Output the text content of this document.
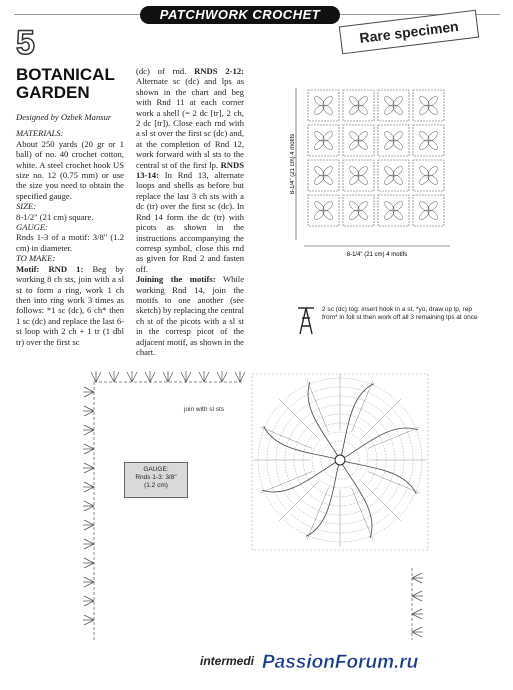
PATCHWORK CROCHET
5	Rare specimen
BOTANICAL GARDEN
Designed by Ozbek Mansur
MATERIALS:
About 250 yards (20 gr or 1 ball) of no. 40 crochet cotton, white. A steel crochet hook US size no. 12 (0.75 mm) or use the size you need to obtain the specified gauge.
SIZE:
8-1/2" (21 cm) square.
GAUGE:
Rnds 1-3 of a motif: 3/8" (1.2 cm) in diameter.
TO MAKE:
Motif: RND 1: Beg by working 8 ch sts, join with a sl st to form a ring, work 1 ch then into ring work 3 times as follows: *1 sc (dc), 6 ch* then 1 sc (dc) and replace the last 6-st loop with 2 ch + 1 tr (1 dbl tr) over the first sc
(dc) of rnd. RNDS 2-12: Alternate sc (dc) and lps as shown in the chart and beg with Rnd 11 at each corner work a shell (= 2 dc [tr], 2 ch, 2 dc [tr]). Close each rnd with a sl st over the first sc (dc) and, at the completion of Rnd 12, work forward with sl sts to the central st of the first lp. RNDS 13-14: In Rnd 13, alternate loops and shells as before but replace the last 3 ch sts with a dc (tr) over the first sc (dc). In Rnd 14 form the dc (tr) with picots as shown in the instructions accompanying the corresp symbol, close this rnd as given for Rnd 2 and fasten off.
Joining the motifs: While working Rnd 14, join the motifs to one another (see sketch) by replacing the central ch st of the picots with a sl st in the corresp picot of the adjacent motif, as shown in the chart.
8-1/4" (21 cm) 4 motifs
8-1/4" (21 cm) 4 motifs
2 sc (dc) tog: insert hook in a st, *yo, draw up lp, rep from* in foll st then work off all 3 remaining lps at once
join with sl sts
GAUGE:
Rnds 1-3: 3/8"
(1.2 cm)
intermedi PassionForum.ru
